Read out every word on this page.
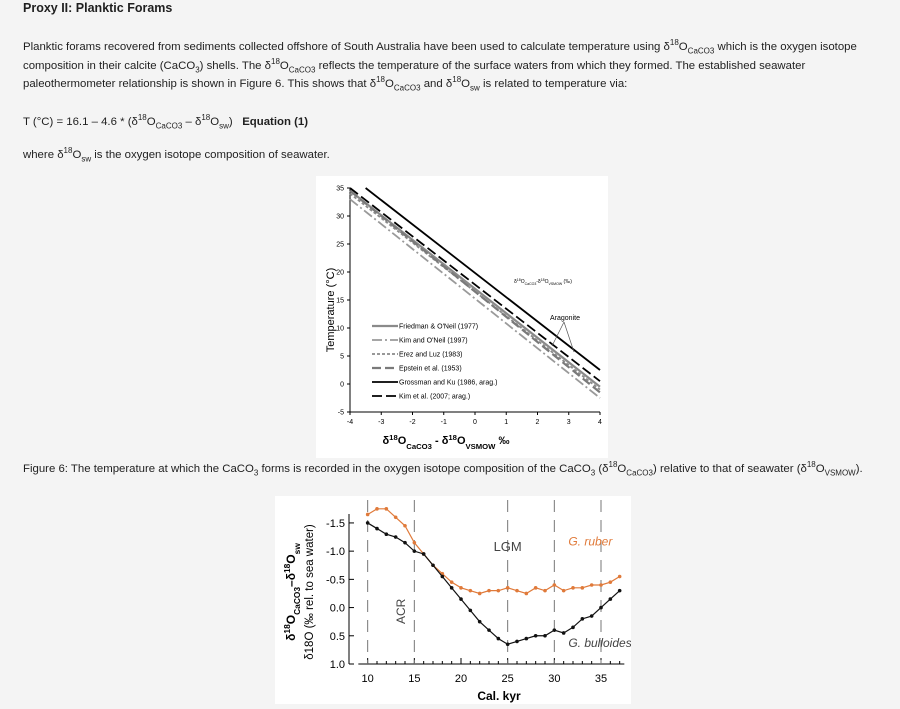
Proxy II: Planktic Forams
Planktic forams recovered from sediments collected offshore of South Australia have been used to calculate temperature using $\delta^{18}O_{CaCO3}$ which is the oxygen isotope composition in their calcite (CaCO$_3$) shells. The $\delta^{18}O_{CaCO3}$ reflects the temperature of the surface waters from which they formed. The established seawater paleothermometer relationship is shown in Figure 6. This shows that $\delta^{18}O_{CaCO3}$ and $\delta^{18}O_{sw}$ is related to temperature via:
T $(^\circ C) = 16.1 - 4.6 * (\delta^{18}O_{CaCO3} - \delta^{18}O_{sw})$ Equation (1)
where $\delta^{18}O_{sw}$ is the oxygen isotope composition of seawater.
-5
0
5
10
15
20
25
30
35
-4	-3	-2	-1	0	1	2	3	4
Friedman & O'Neil (1977)
Kim and O'Neil (1997)
Erez and Luz (1983)
Epstein et al. (1953)
Grossman and Ku (1986, arag.)
Kim et al. (2007; arag.)
Temperature (°C)
$\delta^{18}O_{CaCO3} - \delta^{18}O_{VSMOW}$ ‰
$\delta^{18}O_{CaCO3}-\delta^{18}O_{VSMOW}$ (‰)
Aragonite
Figure 6: The temperature at which the CaCO$_3$ forms is recorded in the oxygen isotope composition of the CaCO$_3$ $(\delta^{18}O_{CaCO3})$ relative to that of seawater $(\delta^{18}O_{VSMOW})$.
-1.5
-1.0
-0.5
0.0
0.5
1.0
10	15	20	25	30	35
LGM
ACR
G. ruber
G. bulloides
δ18O (‰ rel. to sea water)
$\delta^{18}O_{CaCO3}-\delta^{18}O_{sw}$
Cal. kyr
